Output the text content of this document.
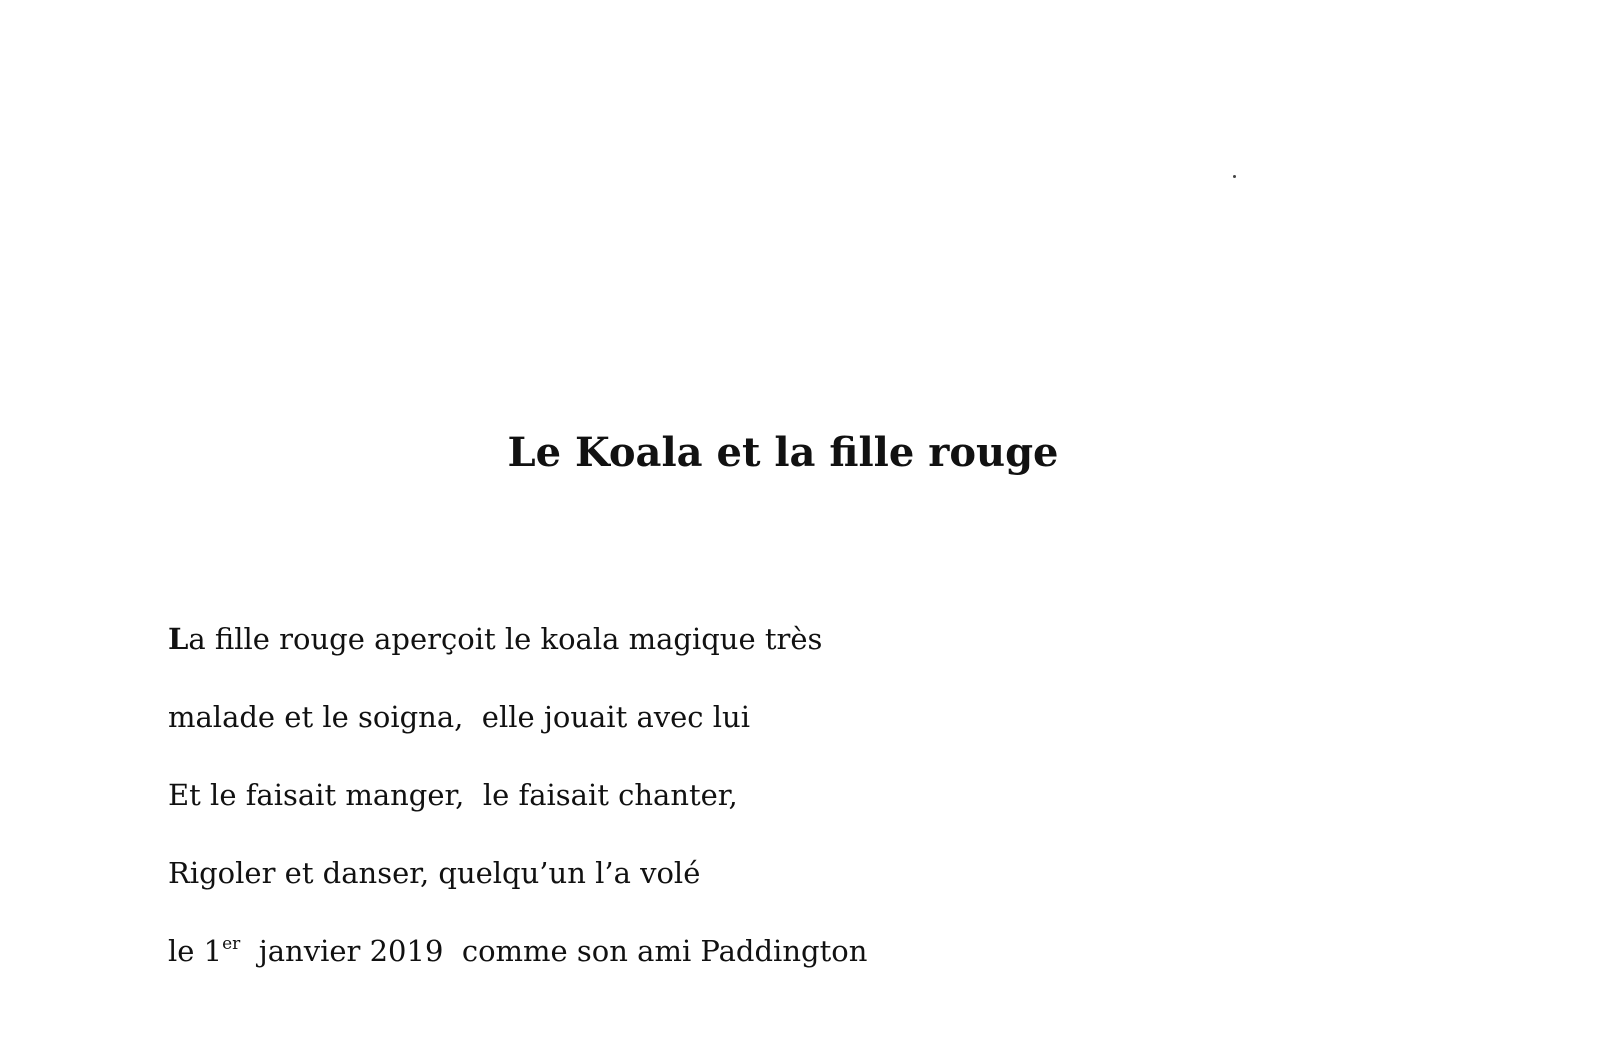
Le Koala et la fille rouge
La fille rouge aperçoit le koala magique très
malade et le soigna,  elle jouait avec lui
Et le faisait manger,  le faisait chanter,
Rigoler et danser, quelqu’un l’a volé
le 1er  janvier 2019  comme son ami Paddington
